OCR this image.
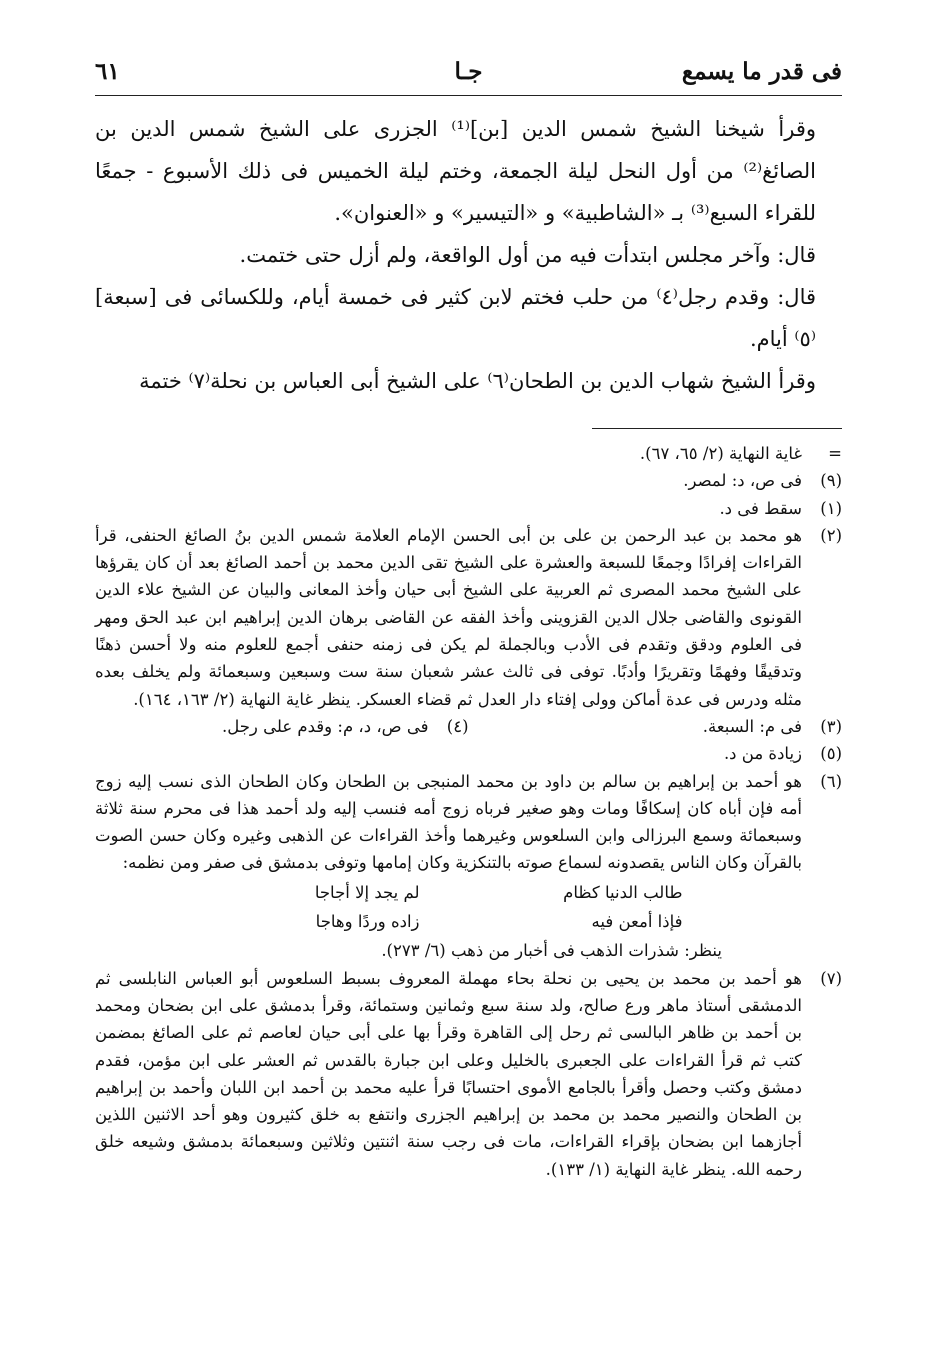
فى قدر ما يسمع
جـا
٦١

وقرأ شيخنا الشيخ شمس الدين [بن]⁽¹⁾ الجزرى على الشيخ شمس الدين بن الصائغ⁽²⁾ من أول النحل ليلة الجمعة، وختم ليلة الخميس فى ذلك الأسبوع - جمعًا للقراء السبع⁽³⁾ بـ «الشاطبية» و «التيسير» و «العنوان».

قال: وآخر مجلس ابتدأت فيه من أول الواقعة، ولم أزل حتى ختمت.

قال: وقدم رجل⁽٤⁾ من حلب فختم لابن كثير فى خمسة أيام، وللكسائى فى [سبعة]⁽٥⁾ أيام.

وقرأ الشيخ شهاب الدين بن الطحان⁽٦⁾ على الشيخ أبى العباس بن نحلة⁽٧⁾ ختمة

=
غاية النهاية (٢/ ٦٥، ٦٧).
(٩)
فى ص، د: لمصر.
(١)
سقط فى د.
(٢)
هو محمد بن عبد الرحمن بن على بن أبى الحسن الإمام العلامة شمس الدين بنُ الصائغ الحنفى، قرأ القراءات إفرادًا وجمعًا للسبعة والعشرة على الشيخ تقى الدين محمد بن أحمد الصائغ بعد أن كان يقرؤها على الشيخ محمد المصرى ثم العربية على الشيخ أبى حيان وأخذ المعانى والبيان عن الشيخ علاء الدين القونوى والقاضى جلال الدين القزوينى وأخذ الفقه عن القاضى برهان الدين إبراهيم ابن عبد الحق ومهر فى العلوم ودقق وتقدم فى الأدب وبالجملة لم يكن فى زمنه حنفى أجمع للعلوم منه ولا أحسن ذهنًا وتدقيقًا وفهمًا وتقريرًا وأدبًا. توفى فى ثالث عشر شعبان سنة ست وسبعين وسبعمائة ولم يخلف بعده مثله ودرس فى عدة أماكن وولى إفتاء دار العدل ثم قضاء العسكر. ينظر غاية النهاية (٢/ ١٦٣، ١٦٤).
(٣)
فى م: السبعة.
(٤)
فى ص، د، م: وقدم على رجل.
(٥)
زيادة من د.
(٦)
هو أحمد بن إبراهيم بن سالم بن داود بن محمد المنبجى بن الطحان وكان الطحان الذى نسب إليه زوج أمه فإن أباه كان إسكافًا ومات وهو صغير فرباه زوج أمه فنسب إليه ولد أحمد هذا فى محرم سنة ثلاثة وسبعمائة وسمع البرزالى وابن السلعوس وغيرهما وأخذ القراءات عن الذهبى وغيره وكان حسن الصوت بالقرآن وكان الناس يقصدونه لسماع صوته بالتنكزية وكان إمامها وتوفى بدمشق فى صفر ومن نظمه:
طالب الدنيا كظام
لم يجد إلا أجاجا
فإذا أمعن فيه
زاده وردًا وهاجا
ينظر: شذرات الذهب فى أخبار من ذهب (٦/ ٢٧٣).
(٧)
هو أحمد بن محمد بن يحيى بن نحلة بحاء مهملة المعروف بسبط السلعوس أبو العباس النابلسى ثم الدمشقى أستاذ ماهر ورع صالح، ولد سنة سبع وثمانين وستمائة، وقرأ بدمشق على ابن بضحان ومحمد بن أحمد بن ظاهر البالسى ثم رحل إلى القاهرة وقرأ بها على أبى حيان لعاصم ثم على الصائغ بمضمن كتب ثم قرأ القراءات على الجعبرى بالخليل وعلى ابن جبارة بالقدس ثم العشر على ابن مؤمن، فقدم دمشق وكتب وحصل وأقرأ بالجامع الأموى احتسابًا قرأ عليه محمد بن أحمد ابن اللبان وأحمد بن إبراهيم بن الطحان والنصير محمد بن محمد بن إبراهيم الجزرى وانتفع به خلق كثيرون وهو أحد الاثنين اللذين أجازهما ابن بضحان بإقراء القراءات، مات فى رجب سنة اثنتين وثلاثين وسبعمائة بدمشق وشيعه خلق رحمه الله. ينظر غاية النهاية (١/ ١٣٣).
